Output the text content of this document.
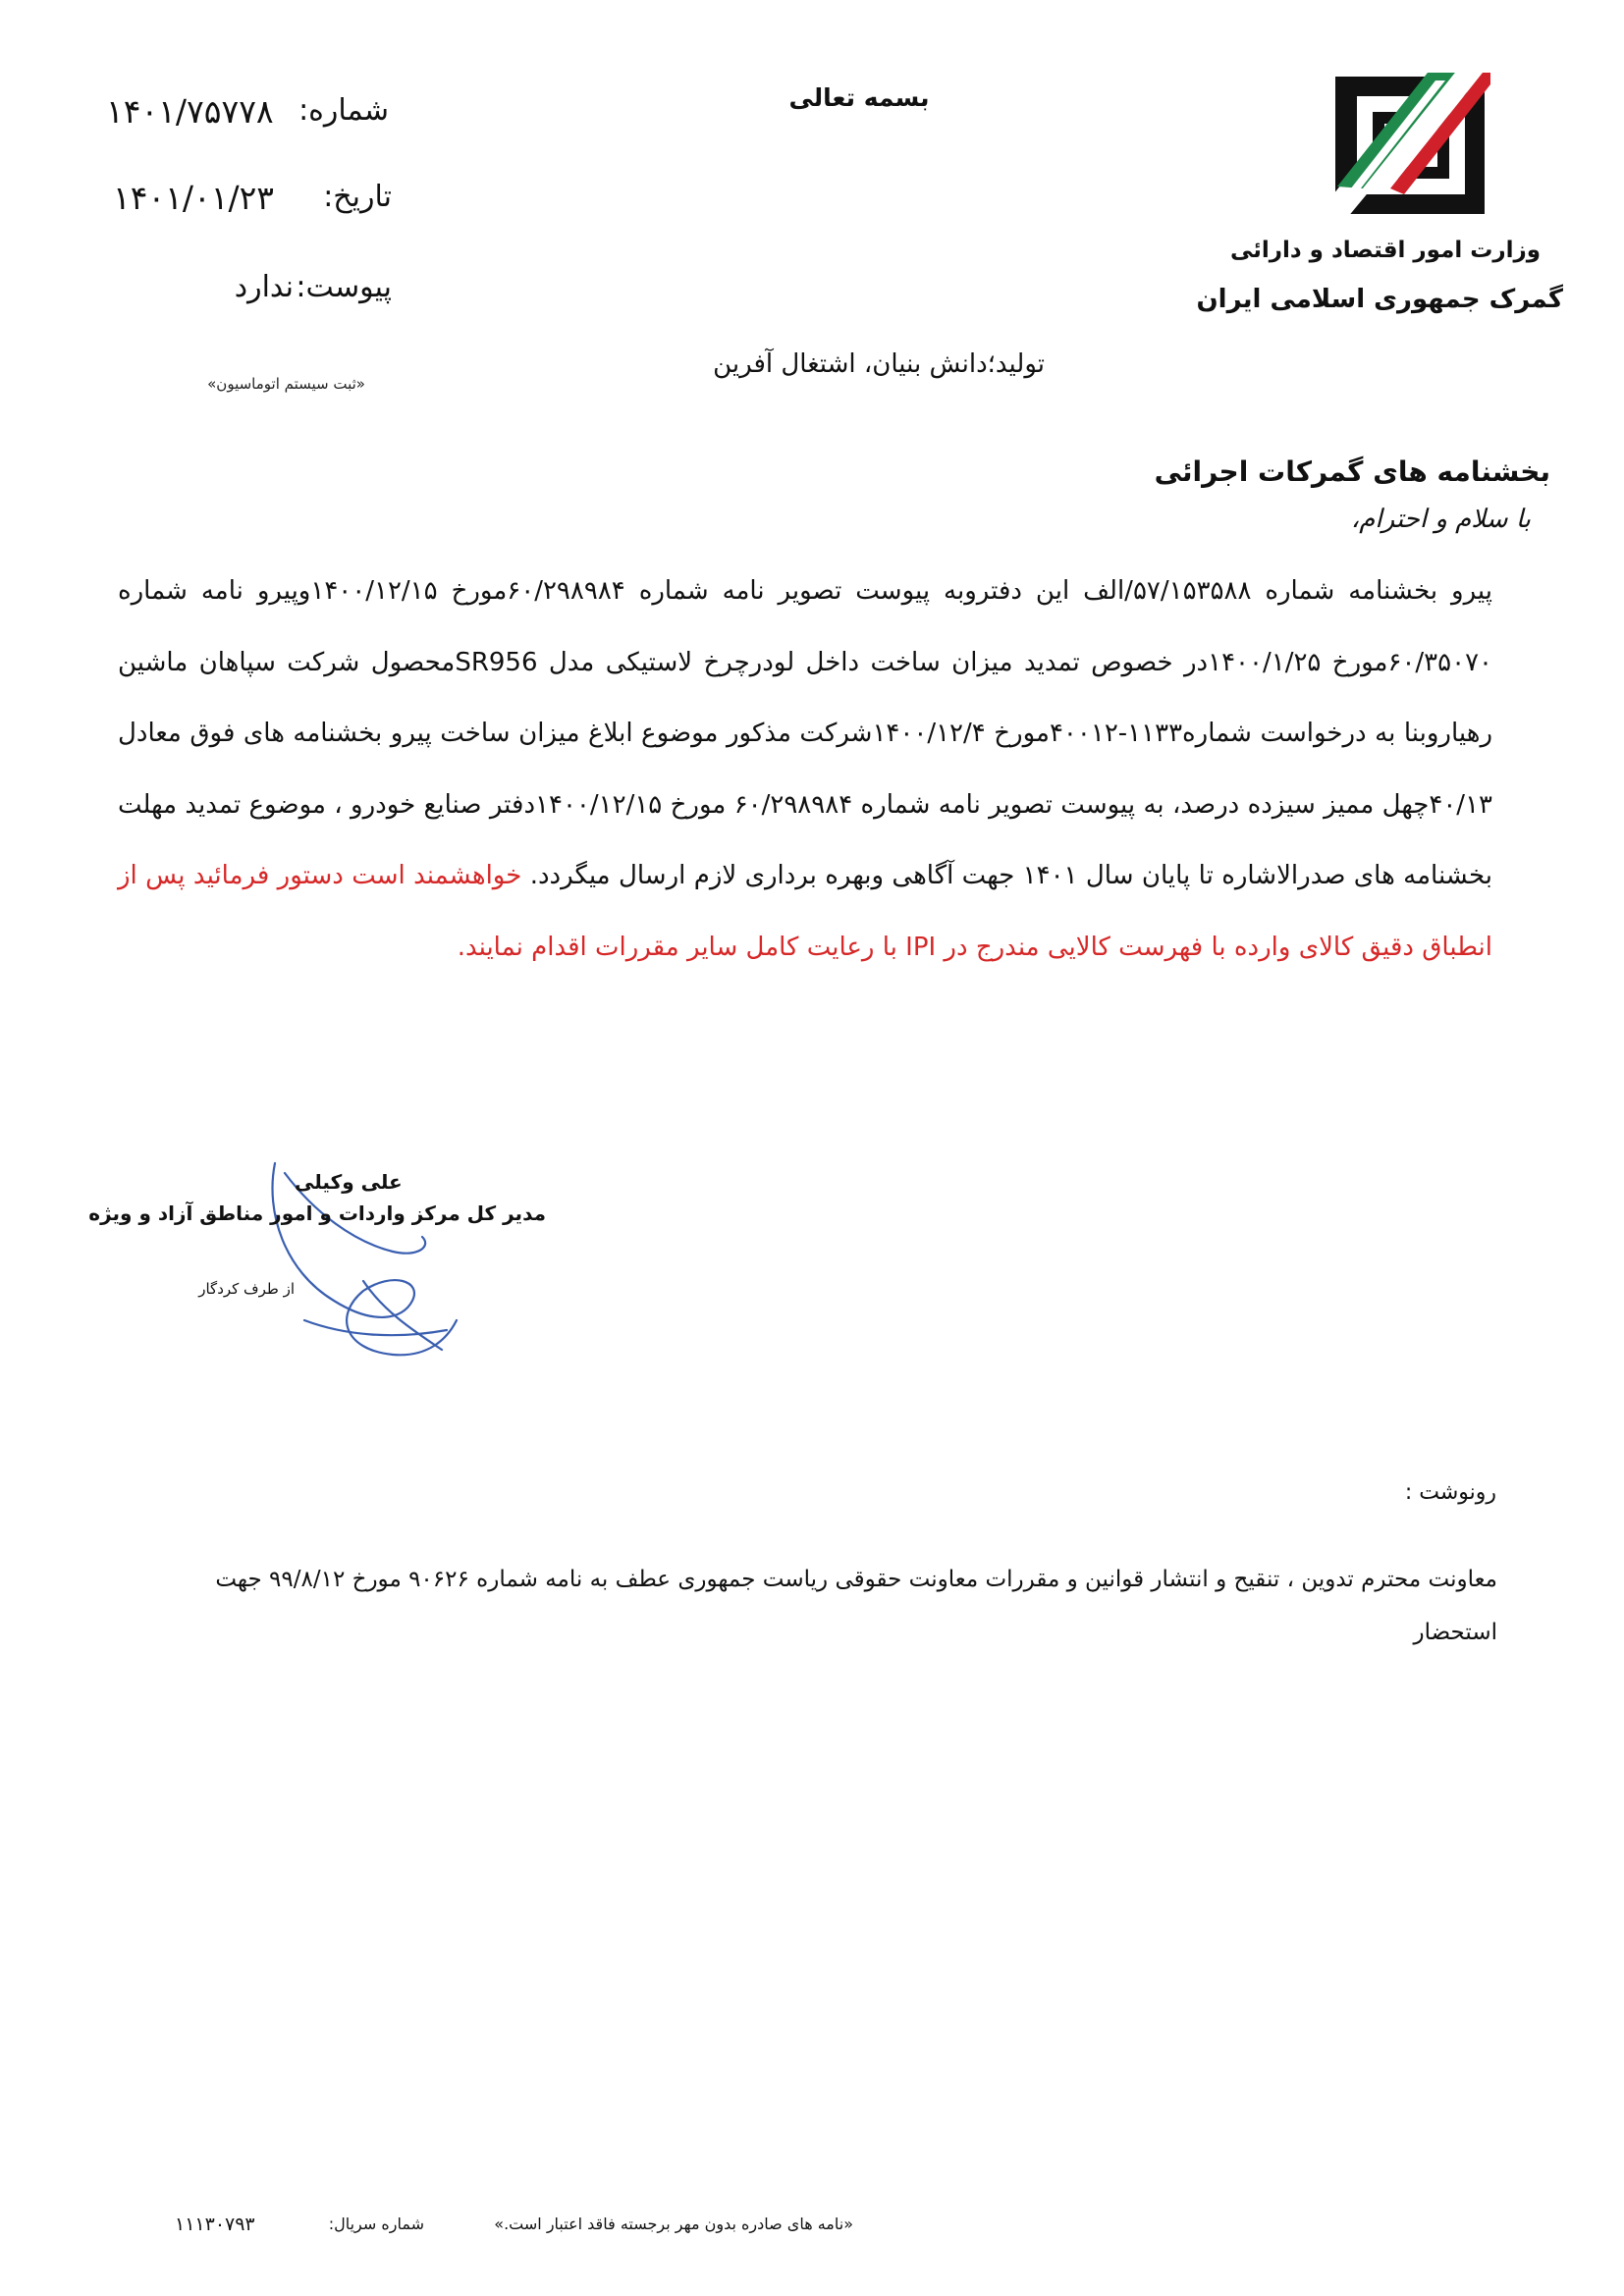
بسمه تعالی
شماره:
۱۴۰۱/۷۵۷۷۸
تاریخ:
۱۴۰۱/۰۱/۲۳
پیوست:
ندارد
«ثبت سیستم اتوماسیون»
تولید؛دانش بنیان، اشتغال آفرین
وزارت امور اقتصاد و دارائی
گمرک جمهوری اسلامی ایران
بخشنامه های گمرکات اجرائی
با سلام و احترام،
پیرو بخشنامه شماره ۵۷/۱۵۳۵۸۸/الف این دفتروبه پیوست تصویر نامه شماره ۶۰/۲۹۸۹۸۴مورخ ۱۴۰۰/۱۲/۱۵وپیرو نامه شماره ۶۰/۳۵۰۷۰مورخ ۱۴۰۰/۱/۲۵در خصوص تمدید میزان ساخت داخل لودرچرخ لاستیکی مدل SR956محصول شرکت سپاهان ماشین رهیاروبنا به درخواست شماره۱۱۳۳-۴۰۰۱۲مورخ ۱۴۰۰/۱۲/۴شرکت مذکور موضوع ابلاغ میزان ساخت پیرو بخشنامه های فوق معادل ۴۰/۱۳چهل ممیز سیزده درصد، به پیوست تصویر نامه شماره ۶۰/۲۹۸۹۸۴ مورخ ۱۴۰۰/۱۲/۱۵دفتر صنایع خودرو ، موضوع تمدید مهلت بخشنامه های صدرالاشاره تا پایان سال ۱۴۰۱ جهت آگاهی وبهره برداری لازم ارسال میگردد. خواهشمند است دستور فرمائید پس از انطباق دقیق کالای وارده با فهرست کالایی مندرج در IPI با رعایت کامل سایر مقررات اقدام نمایند.
علی وکیلی
مدیر کل مرکز واردات و امور مناطق آزاد و ویژه
از طرف کردگار
رونوشت :
معاونت محترم تدوین ، تنقیح و انتشار قوانین و مقررات معاونت حقوقی ریاست جمهوری عطف به نامه شماره ۹۰۶۲۶ مورخ ۹۹/۸/۱۲ جهت استحضار
«نامه های صادره بدون مهر برجسته فاقد اعتبار است.»
شماره سریال:
۱۱۱۳۰۷۹۳
